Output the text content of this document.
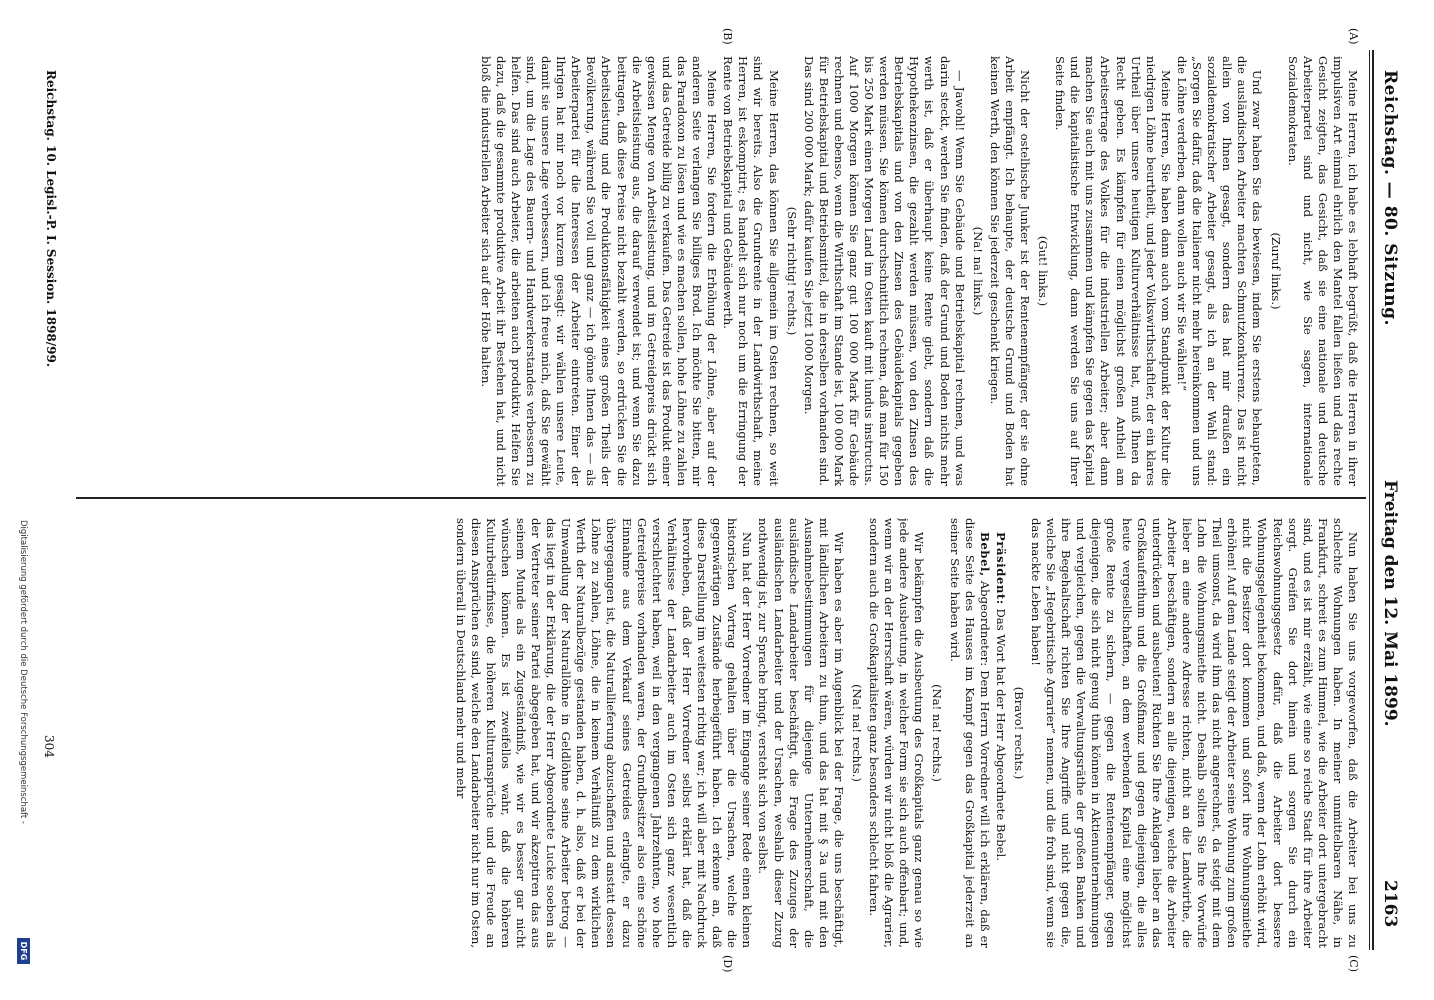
Reichstag. — 80. Sitzung.
Freitag den 12. Mai 1899.
2163
(A)
(B)
(C)
(D)

Meine Herren, ich habe es lebhaft begrüßt, daß die Herren in ihrer impulsiven Art einmal ehrlich den Mantel fallen ließen und das rechte Gesicht zeigten, das Gesicht, daß sie eine nationale und deutsche Arbeiterpartei sind und nicht, wie Sie sagen, internationale Sozialdemokraten.

(Zuruf links.)

Und zwar haben Sie das bewiesen, indem Sie erstens behaupteten, die ausländischen Arbeiter machten Schmutzkonkurrenz. Das ist nicht allein von Ihnen gesagt, sondern das hat mir draußen ein sozialdemokratischer Arbeiter gesagt, als ich an der Wahl stand: „Sorgen Sie dafür, daß die Italiener nicht mehr hereinkommen und uns die Löhne verderben, dann wollen auch wir Sie wählen!“

Meine Herren, Sie haben dann auch vom Standpunkt der Kultur die niedrigen Löhne beurtheilt, und jeder Volkswirthschaftler, der ein klares Urtheil über unsere heutigen Kulturverhältnisse hat, muß Ihnen da Recht geben. Es kämpfen für einen möglichst großen Antheil am Arbeitsertrage des Volkes für die industriellen Arbeiter; aber dann machen Sie auch mit uns zusammen und kämpfen Sie gegen das Kapital und die kapitalistische Entwicklung, dann werden Sie uns auf Ihrer Seite finden.

(Gut! links.)

Nicht der ostelbische Junker ist der Rentenempfänger, der sie ohne Arbeit empfängt. Ich behaupte, der deutsche Grund und Boden hat keinen Werth, den können Sie jederzeit geschenkt kriegen.

(Na! na! links.)

— Jawohl! Wenn Sie Gebäude und Betriebskapital rechnen, und was darin steckt, werden Sie finden, daß der Grund und Boden nichts mehr werth ist, daß er überhaupt keine Rente giebt, sondern daß die Hypothekenzinsen, die gezahlt werden müssen, von den Zinsen des Betriebskapitals und von den Zinsen des Gebäudekapitals gegeben werden müssen. Sie können durchschnittlich rechnen, daß man für 150 bis 250 Mark einen Morgen Land im Osten kauft mit lundus instructus. Auf 1000 Morgen können Sie ganz gut 100 000 Mark für Gebäude rechnen und ebenso, wenn die Wirthschaft im Stande ist, 100 000 Mark für Betriebskapital und Betriebsmittel, die in derselben vorhanden sind. Das sind 200 000 Mark; dafür kaufen Sie jetzt 1000 Morgen.

(Sehr richtig! rechts.)

Meine Herren, das können Sie allgemein im Osten rechnen, so weit sind wir bereits. Also die Grundrente in der Landwirthschaft, meine Herren, ist eskomptirt; es handelt sich nur noch um die Erringung der Rente von Betriebskapital und Gebäudewerth.

Meine Herren, Sie fordern die Erhöhung der Löhne, aber auf der anderen Seite verlangen Sie billiges Brod. Ich möchte Sie bitten, mir das Paradoxon zu lösen und wie es machen sollen, hohe Löhne zu zahlen und das Getreide billig zu verkaufen. Das Getreide ist das Produkt einer gewissen Menge von Arbeitsleistung, und im Getreidepreis drückt sich die Arbeitsleistung aus, die darauf verwendet ist; und wenn Sie dazu beitragen, daß diese Preise nicht bezahlt werden, so erdrücken Sie die Arbeitsleistung und die Produktionsfähigkeit eines großen Theils der Bevölkerung, während Sie voll und ganz — ich gönne Ihnen das — als Arbeiterpartei für die Interessen der Arbeiter eintreten. Einer der Ihrigen hat mir noch vor kurzem gesagt: wir wählen unsere Leute, damit sie unsere Lage verbessern, und ich freue mich, daß Sie gewählt sind, um die Lage des Bauern- und Handwerkerstandes verbessern zu helfen. Das sind auch Arbeiter, die arbeiten auch produktiv. Helfen Sie dazu, daß die gesammte produktive Arbeit ihr Bestehen hat, und nicht bloß die industriellen Arbeiter sich auf der Höhe halten.

Nun haben Sie uns vorgeworfen, daß die Arbeiter bei uns zu schlechte Wohnungen haben. In meiner unmittelbaren Nähe, in Frankfurt, schreit es zum Himmel, wie die Arbeiter dort untergebracht sind, und es ist mir erzählt, wie eine so reiche Stadt für ihre Arbeiter sorgt. Greifen Sie dort hinein und sorgen Sie durch ein Reichswohnungsgesetz dafür, daß die Arbeiter dort bessere Wohnungsgelegenheit bekommen, und daß, wenn der Lohn erhöht wird, nicht die Besitzer dort kommen und sofort ihre Wohnungsmiethe erhöhen! Auf dem Lande steigt der Arbeiter seine Wohnung zum großen Theil umsonst, da wird ihm das nicht angerechnet, da steigt mit dem Lohn die Wohnungsmiethe nicht. Deshalb sollten Sie Ihre Vorwürfe lieber an eine andere Adresse richten, nicht an die Landwirthe, die Arbeiter beschäftigen, sondern an alle diejenigen, welche die Arbeiter unterdrücken und ausbeuten! Richten Sie Ihre Anklagen lieber an das Großkaufenthum und die Großfinanz und gegen diejenigen, die alles heute vergesellschaften, an dem werbenden Kapital eine möglichst große Rente zu sichern, — gegen die Rentenempfänger, gegen diejenigen, die sich nicht genug thun können in Aktienunternehmungen und vergleichen, gegen die Verwaltungsräthe der großen Banken und ihre Begehaltschaft richten Sie Ihre Angriffe und nicht gegen die, welche Sie „Hegebritische Agrarier“ nennen, und die froh sind, wenn sie das nackte Leben haben!

(Bravo! rechts.)

Präsident: Das Wort hat der Herr Abgeordnete Bebel.

Bebel, Abgeordneter: Dem Herrn Vorredner will ich erklären, daß er diese Seite des Hauses im Kampf gegen das Großkapital jederzeit an seiner Seite haben wird.

(Na! na! rechts.)

Wir bekämpfen die Ausbeutung des Großkapitals ganz genau so wie jede andere Ausbeutung, in welcher Form sie sich auch offenbart; und, wenn wir an der Herrschaft wären, würden wir nicht bloß die Agrarier, sondern auch die Großkapitalisten ganz besonders schlecht fahren.

(Na! na! rechts.)

Wir haben es aber im Augenblick bei der Frage, die uns beschäftigt, mit ländlichen Arbeitern zu thun, und das hat mit § 3a und mit den Ausnahmebestimmungen für diejenige Unternehmerschaft, die ausländische Landarbeiter beschäftigt, die Frage des Zuzuges der ausländischen Landarbeiter und der Ursachen, weshalb dieser Zuzug nothwendig ist, zur Sprache bringt, versteht sich von selbst.

Nun hat der Herr Vorredner im Eingange seiner Rede einen kleinen historischen Vortrag gehalten über die Ursachen, welche die gegenwärtigen Zustände herbeigeführt haben. Ich erkenne an, daß diese Darstellung im weitesten richtig war; ich will aber mit Nachdruck hervorheben, daß der Herr Vorredner selbst erklärt hat, daß die Verhältnisse der Landarbeiter auch im Osten sich ganz wesentlich verschlechtert haben, weil in den vergangenen Jahrzehnten, wo hohe Getreidepreise vorhanden waren, der Grundbesitzer also eine schöne Einnahme aus dem Verkauf seines Getreides erlangte, er dazu übergegangen ist, die Naturallieferung abzuschaffen und anstatt dessen Löhne zu zahlen, Löhne, die in keinem Verhältniß zu dem wirklichen Werth der Naturalbezüge gestanden haben, d. h. also, daß er bei der Umwandlung der Naturallöhne in Geldlöhne seine Arbeiter betrog — das liegt in der Erklärung, die der Herr Abgeordnete Lucke soeben als der Vertreter seiner Partei abgegeben hat, und wir akzeptiren das aus seinem Munde als ein Zugeständniß, wie wir es besser gar nicht wünschen können. Es ist zweifellos wahr, daß die höheren Kulturbedürfnisse, die höheren Kulturansprüche und die Freude an diesen Ansprüchen es sind, welche den Landarbeiter nicht nur im Osten, sondern überall in Deutschland mehr und mehr

Reichstag. 10. Legisl.-P. I. Session. 1898/99.
304
Digitalisierung gefördert durch die Deutsche Forschungsgemeinschaft -
DFG
